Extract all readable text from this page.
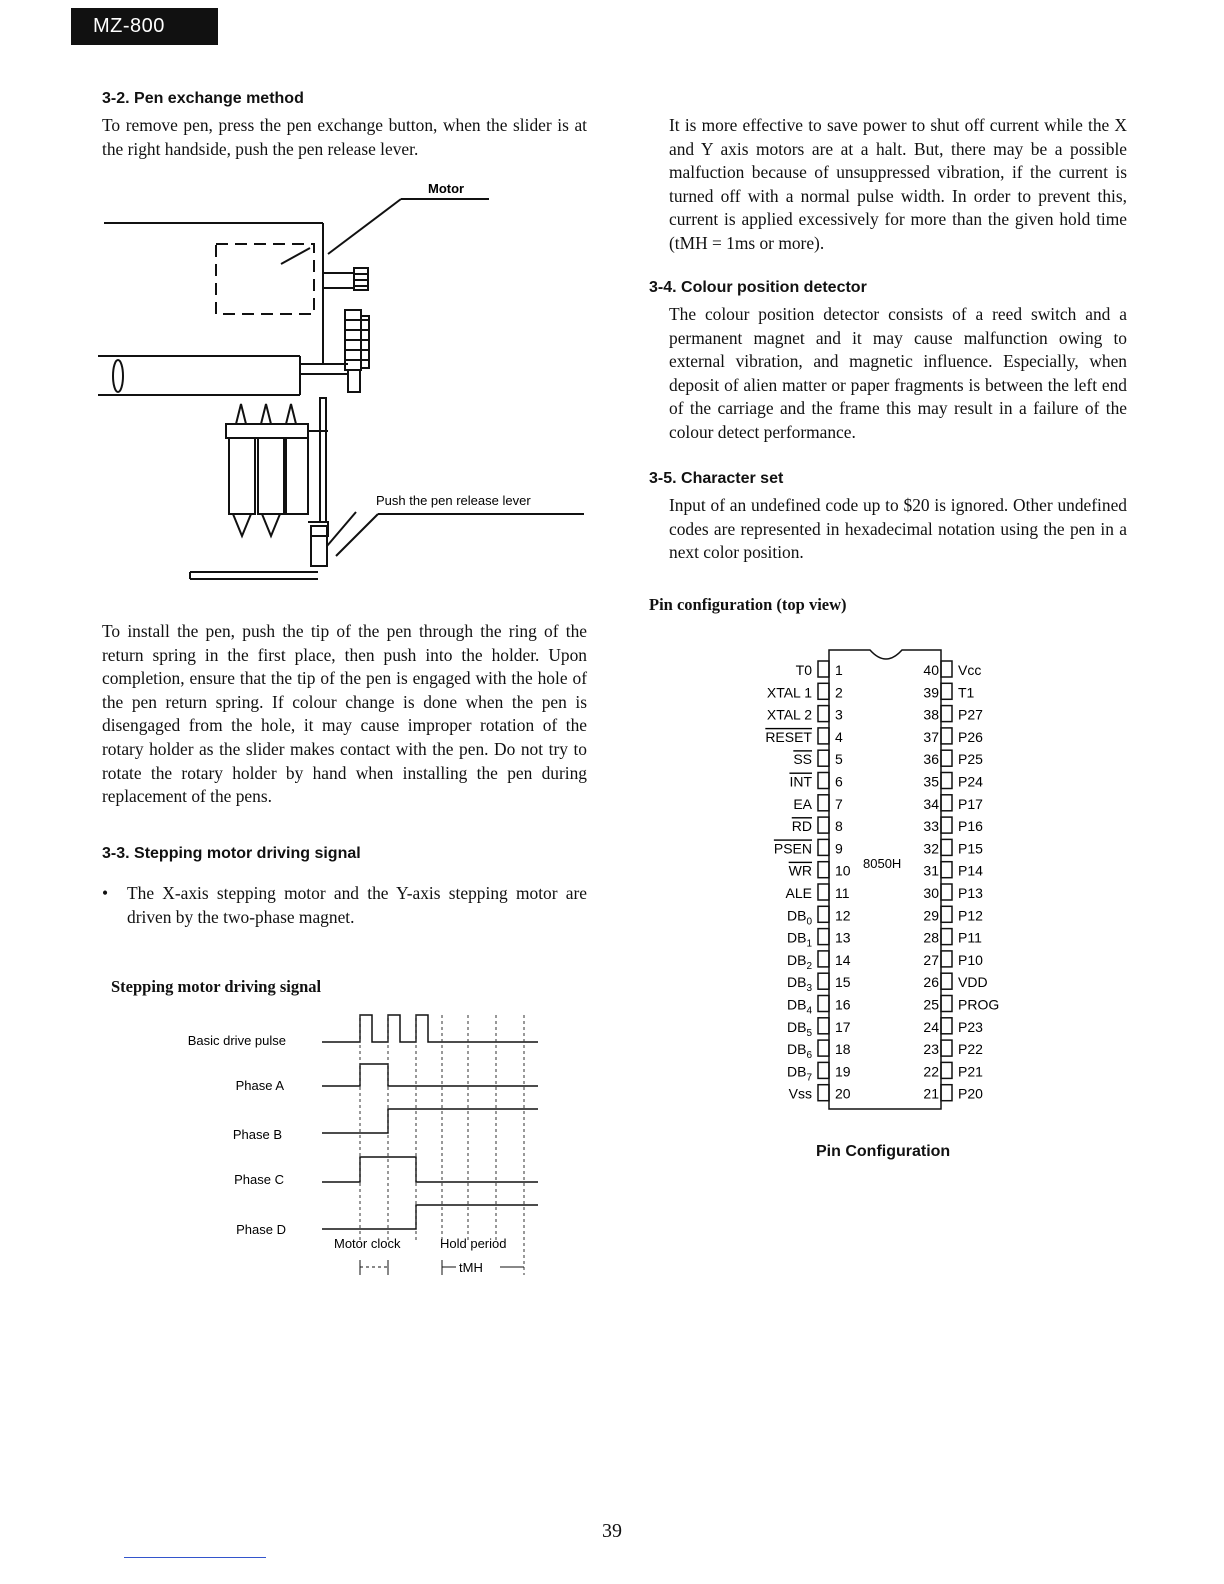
MZ-800
3-2. Pen exchange method

To remove pen, press the pen exchange button, when the slider is at the right handside, push the pen release lever.

Motor
Push the pen release lever

To install the pen, push the tip of the pen through the ring of the return spring in the first place, then push into the holder. Upon completion, ensure that the tip of the pen is engaged with the hole of the pen return spring. If colour change is done when the pen is disengaged from the hole, it may cause improper rotation of the rotary holder as the slider makes contact with the pen. Do not try to rotate the rotary holder by hand when installing the pen during replacement of the pens.

3-3. Stepping motor driving signal
• The X-axis stepping motor and the Y-axis stepping motor are driven by the two-phase magnet.

Stepping motor driving signal
Basic drive pulse
Phase A
Phase B
Phase C
Phase D
Motor clock	Hold period
tMH

It is more effective to save power to shut off current while the X and Y axis motors are at a halt. But, there may be a possible malfuction because of unsuppressed vibration, if the current is turned off with a normal pulse width. In order to prevent this, current is applied excessively for more than the given hold time (tMH = 1ms or more).

3-4. Colour position detector

The colour position detector consists of a reed switch and a permanent magnet and it may cause malfunction owing to external vibration, and magnetic influence. Especially, when deposit of alien matter or paper fragments is between the left end of the carriage and the frame this may result in a failure of the colour detect performance.

3-5. Character set

Input of an undefined code up to $20 is ignored. Other undefined codes are represented in hexadecimal notation using the pen in a next color position.

Pin configuration (top view)
8050H
T0 1
XTAL 1 2
XTAL 2 3
RESET 4
SS 5
INT 6
EA 7
RD 8
PSEN 9
WR 10
ALE 11
$DB_0$ 12
$DB_1$ 13
$DB_2$ 14
$DB_3$ 15
$DB_4$ 16
$DB_5$ 17
$DB_6$ 18
$DB_7$ 19
Vss 20
40 Vcc
39 T1
38 P27
37 P26
36 P25
35 P24
34 P17
33 P16
32 P15
31 P14
30 P13
29 P12
28 P11
27 P10
26 VDD
25 PROG
24 P23
23 P22
22 P21
21 P20
Pin Configuration
39
